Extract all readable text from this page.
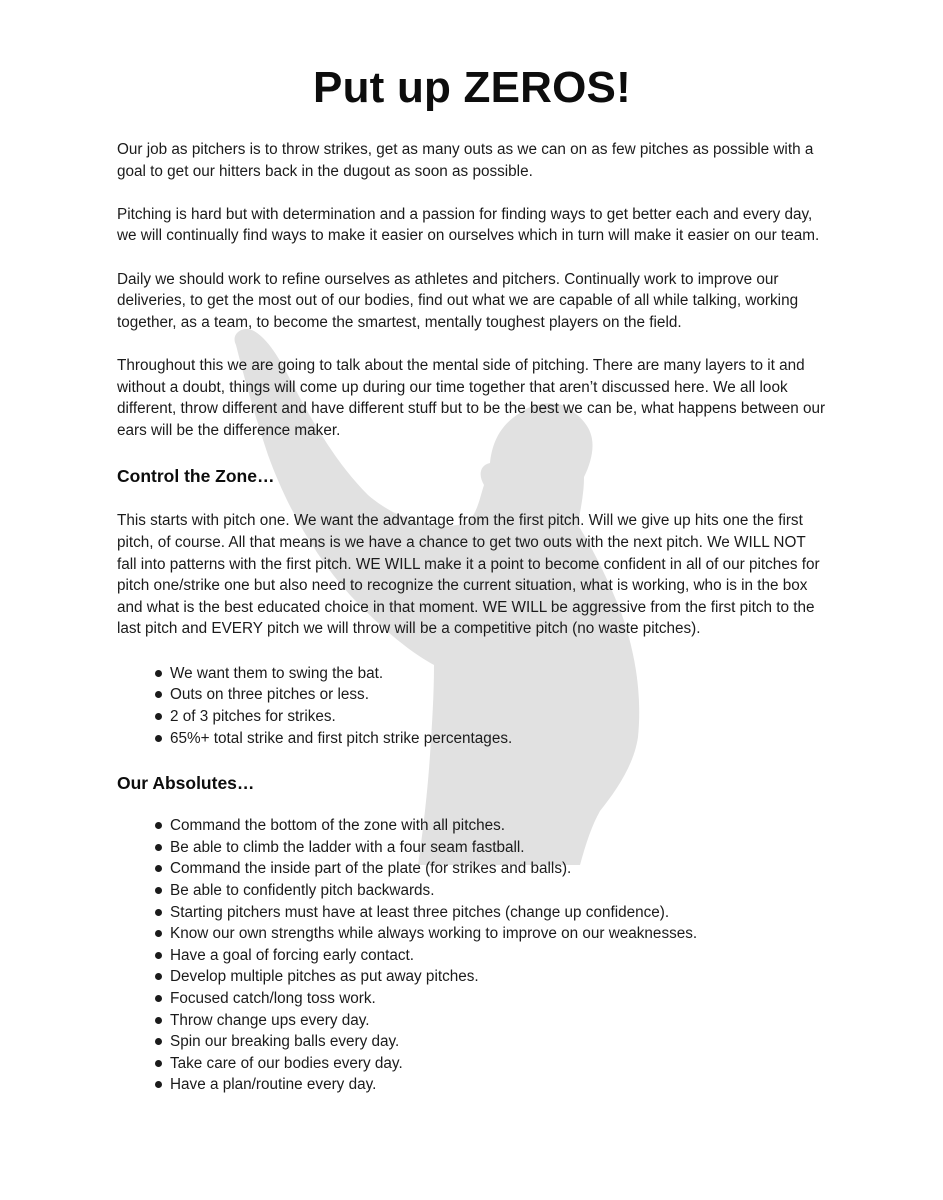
Put up ZEROS!

Our job as pitchers is to throw strikes, get as many outs as we can on as few pitches as possible with a goal to get our hitters back in the dugout as soon as possible.

Pitching is hard but with determination and a passion for finding ways to get better each and every day, we will continually find ways to make it easier on ourselves which in turn will make it easier on our team.

Daily we should work to refine ourselves as athletes and pitchers. Continually work to improve our deliveries, to get the most out of our bodies, find out what we are capable of all while talking, working together, as a team, to become the smartest, mentally toughest players on the field.

Throughout this we are going to talk about the mental side of pitching. There are many layers to it and without a doubt, things will come up during our time together that aren’t discussed here. We all look different, throw different and have different stuff but to be the best we can be, what happens between our ears will be the difference maker.

Control the Zone…

This starts with pitch one. We want the advantage from the first pitch. Will we give up hits one the first pitch, of course. All that means is we have a chance to get two outs with the next pitch. We WILL NOT fall into patterns with the first pitch. WE WILL make it a point to become confident in all of our pitches for pitch one/strike one but also need to recognize the current situation, what is working, who is in the box and what is the best educated choice in that moment. WE WILL be aggressive from the first pitch to the last pitch and EVERY pitch we will throw will be a competitive pitch (no waste pitches).

We want them to swing the bat.
Outs on three pitches or less.
2 of 3 pitches for strikes.
65%+ total strike and first pitch strike percentages.
Our Absolutes…
Command the bottom of the zone with all pitches.
Be able to climb the ladder with a four seam fastball.
Command the inside part of the plate (for strikes and balls).
Be able to confidently pitch backwards.
Starting pitchers must have at least three pitches (change up confidence).
Know our own strengths while always working to improve on our weaknesses.
Have a goal of forcing early contact.
Develop multiple pitches as put away pitches.
Focused catch/long toss work.
Throw change ups every day.
Spin our breaking balls every day.
Take care of our bodies every day.
Have a plan/routine every day.
